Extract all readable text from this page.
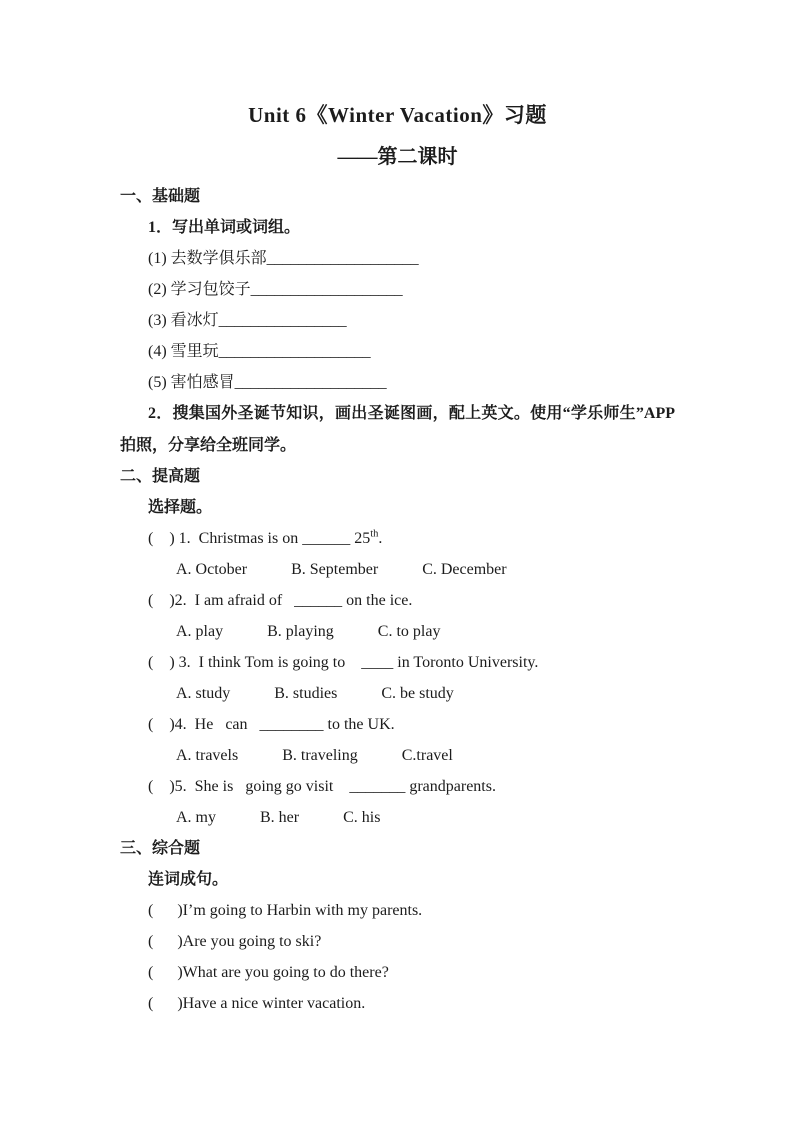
Unit 6《Winter Vacation》习题
——第二课时
一、基础题
1．写出单词或词组。
(1) 去数学俱乐部___________________
(2) 学习包饺子___________________
(3) 看冰灯________________
(4) 雪里玩___________________
(5) 害怕感冒___________________
2．搜集国外圣诞节知识，画出圣诞图画，配上英文。使用“学乐师生”APP 拍照，分享给全班同学。
二、提高题
选择题。
(    ) 1.  Christmas is on ______ 25th.
A. October	B. September	C. December
(    )2.  I am afraid of   ______ on the ice.
A. play	B. playing	C. to play
(    ) 3.  I think Tom is going to    ____ in Toronto University.
A. study	B. studies	C. be study
(    )4.  He   can   ________ to the UK.
A. travels	B. traveling	C.travel
(    )5.  She is   going go visit    _______ grandparents.
A. my	B. her	C. his
三、综合题
连词成句。
(      )I’m going to Harbin with my parents.
(      )Are you going to ski?
(      )What are you going to do there?
(      )Have a nice winter vacation.
